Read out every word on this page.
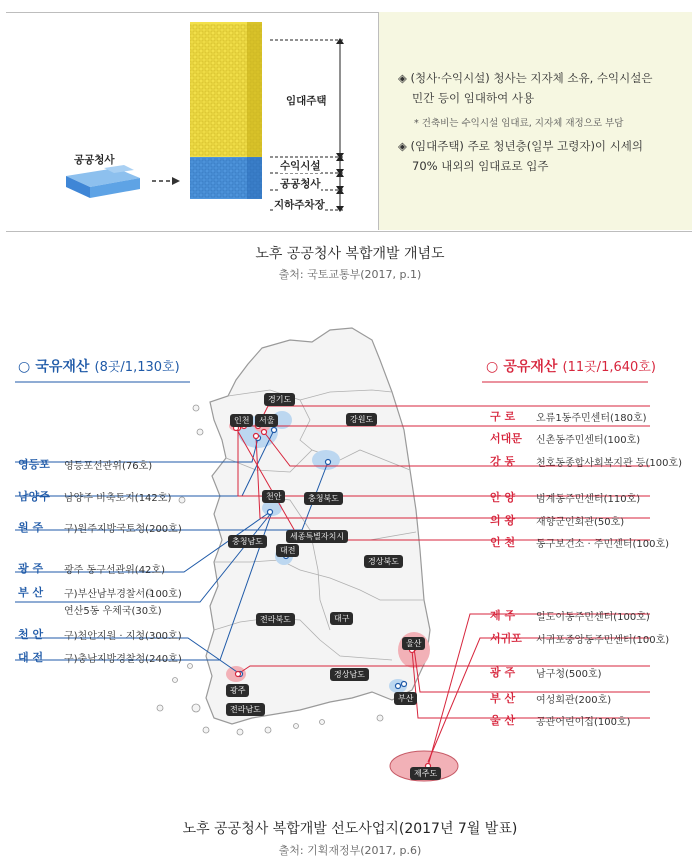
공공청사
임대주택
수익시설
공공청사
지하주차장
◈ (청사·수익시설) 청사는 지자체 소유, 수익시설은
민간 등이 임대하여 사용
* 건축비는 수익시설 임대료, 지자체 재정으로 부담
◈ (임대주택) 주로 청년층(일부 고령자)이 시세의
70% 내외의 임대료로 입주
노후 공공청사 복합개발 개념도
출처: 국토교통부(2017, p.1)
경기도
서울
인천	강원도
천안	충청북도
충청남도
세종특별자치시
대전
경상북도
대구
전라북도
울산
경상남도
광주
부산
전라남도
제주도
○ 국유재산 (8곳/1,130호)
영등포	영등포선관위(76호)
남양주	남양주 비축토지(142호)
원 주	구)원주지방국토청(200호)
광 주	광주 동구선관위(42호)
부 산	구)부산남부경찰서(100호)
연산5동 우체국(30호)
천 안	구)천안지원 · 지청(300호)
대 전	구)충남지방경찰청(240호)
○ 공유재산 (11곳/1,640호)
구 로	오류1동주민센터(180호)
서대문	신촌동주민센터(100호)
강 동	천호동종합사회복지관 등(100호)
안 양	범계동주민센터(110호)
의 왕	재향군인회관(50호)
인 천	동구보건소 · 주민센터(100호)
제 주	일도이동주민센터(100호)
서귀포	서귀포중앙동주민센터(100호)
광 주	남구청(500호)
부 산	여성회관(200호)
울 산	공관어린이집(100호)
노후 공공청사 복합개발 선도사업지(2017년 7월 발표)
출처: 기획재정부(2017, p.6)
